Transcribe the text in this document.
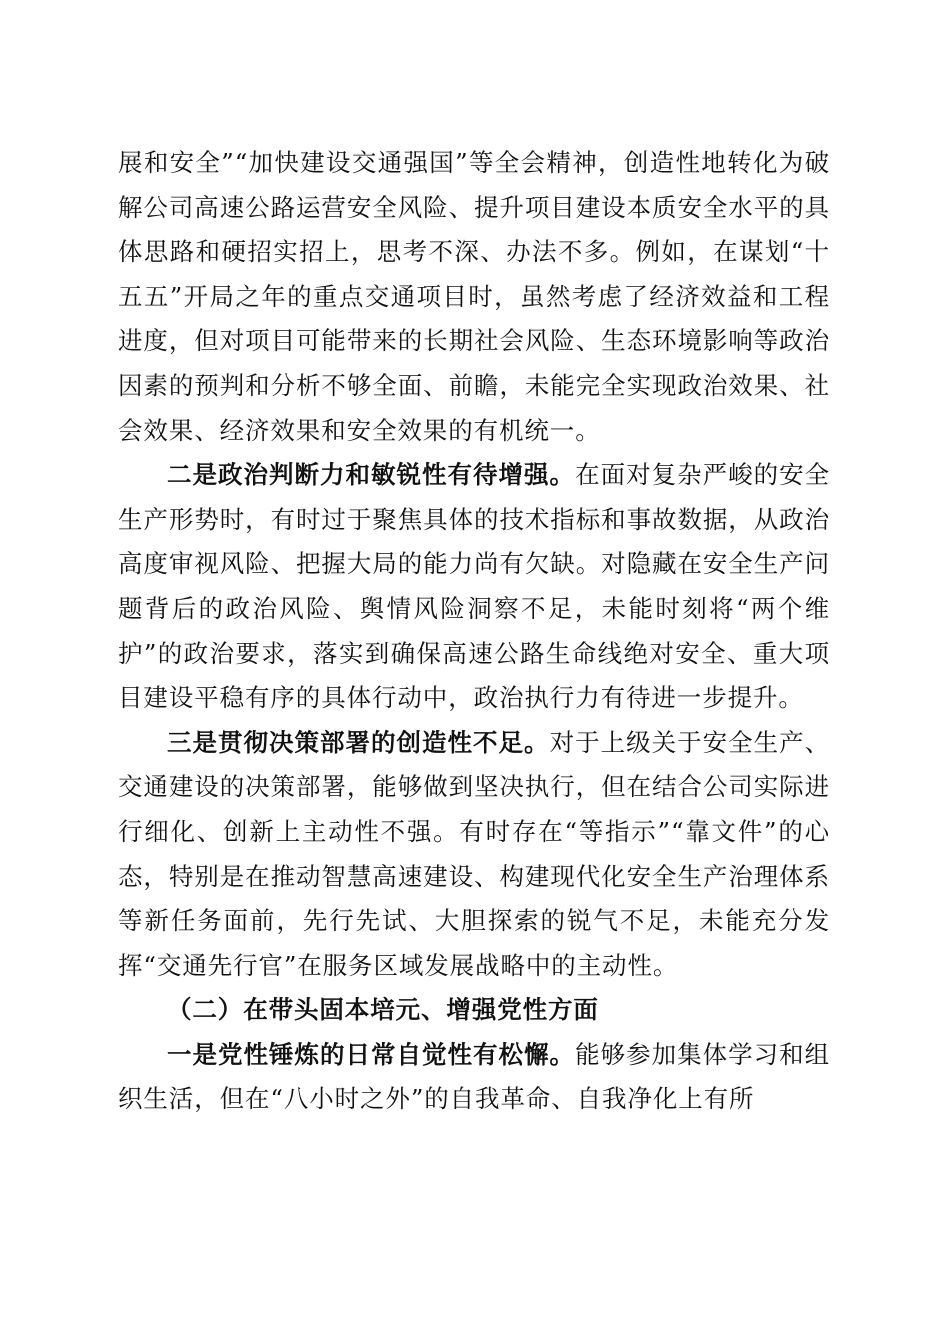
展和安全”“加快建设交通强国”等全会精神，创造性地转化为破解公司高速公路运营安全风险、提升项目建设本质安全水平的具体思路和硬招实招上，思考不深、办法不多。例如，在谋划“十五五”开局之年的重点交通项目时，虽然考虑了经济效益和工程进度，但对项目可能带来的长期社会风险、生态环境影响等政治因素的预判和分析不够全面、前瞻，未能完全实现政治效果、社会效果、经济效果和安全效果的有机统一。

二是政治判断力和敏锐性有待增强。在面对复杂严峻的安全生产形势时，有时过于聚焦具体的技术指标和事故数据，从政治高度审视风险、把握大局的能力尚有欠缺。对隐藏在安全生产问题背后的政治风险、舆情风险洞察不足，未能时刻将“两个维护”的政治要求，落实到确保高速公路生命线绝对安全、重大项目建设平稳有序的具体行动中，政治执行力有待进一步提升。

三是贯彻决策部署的创造性不足。对于上级关于安全生产、交通建设的决策部署，能够做到坚决执行，但在结合公司实际进行细化、创新上主动性不强。有时存在“等指示”“靠文件”的心态，特别是在推动智慧高速建设、构建现代化安全生产治理体系等新任务面前，先行先试、大胆探索的锐气不足，未能充分发挥“交通先行官”在服务区域发展战略中的主动性。

（二）在带头固本培元、增强党性方面

一是党性锤炼的日常自觉性有松懈。能够参加集体学习和组织生活，但在“八小时之外”的自我革命、自我净化上有所
